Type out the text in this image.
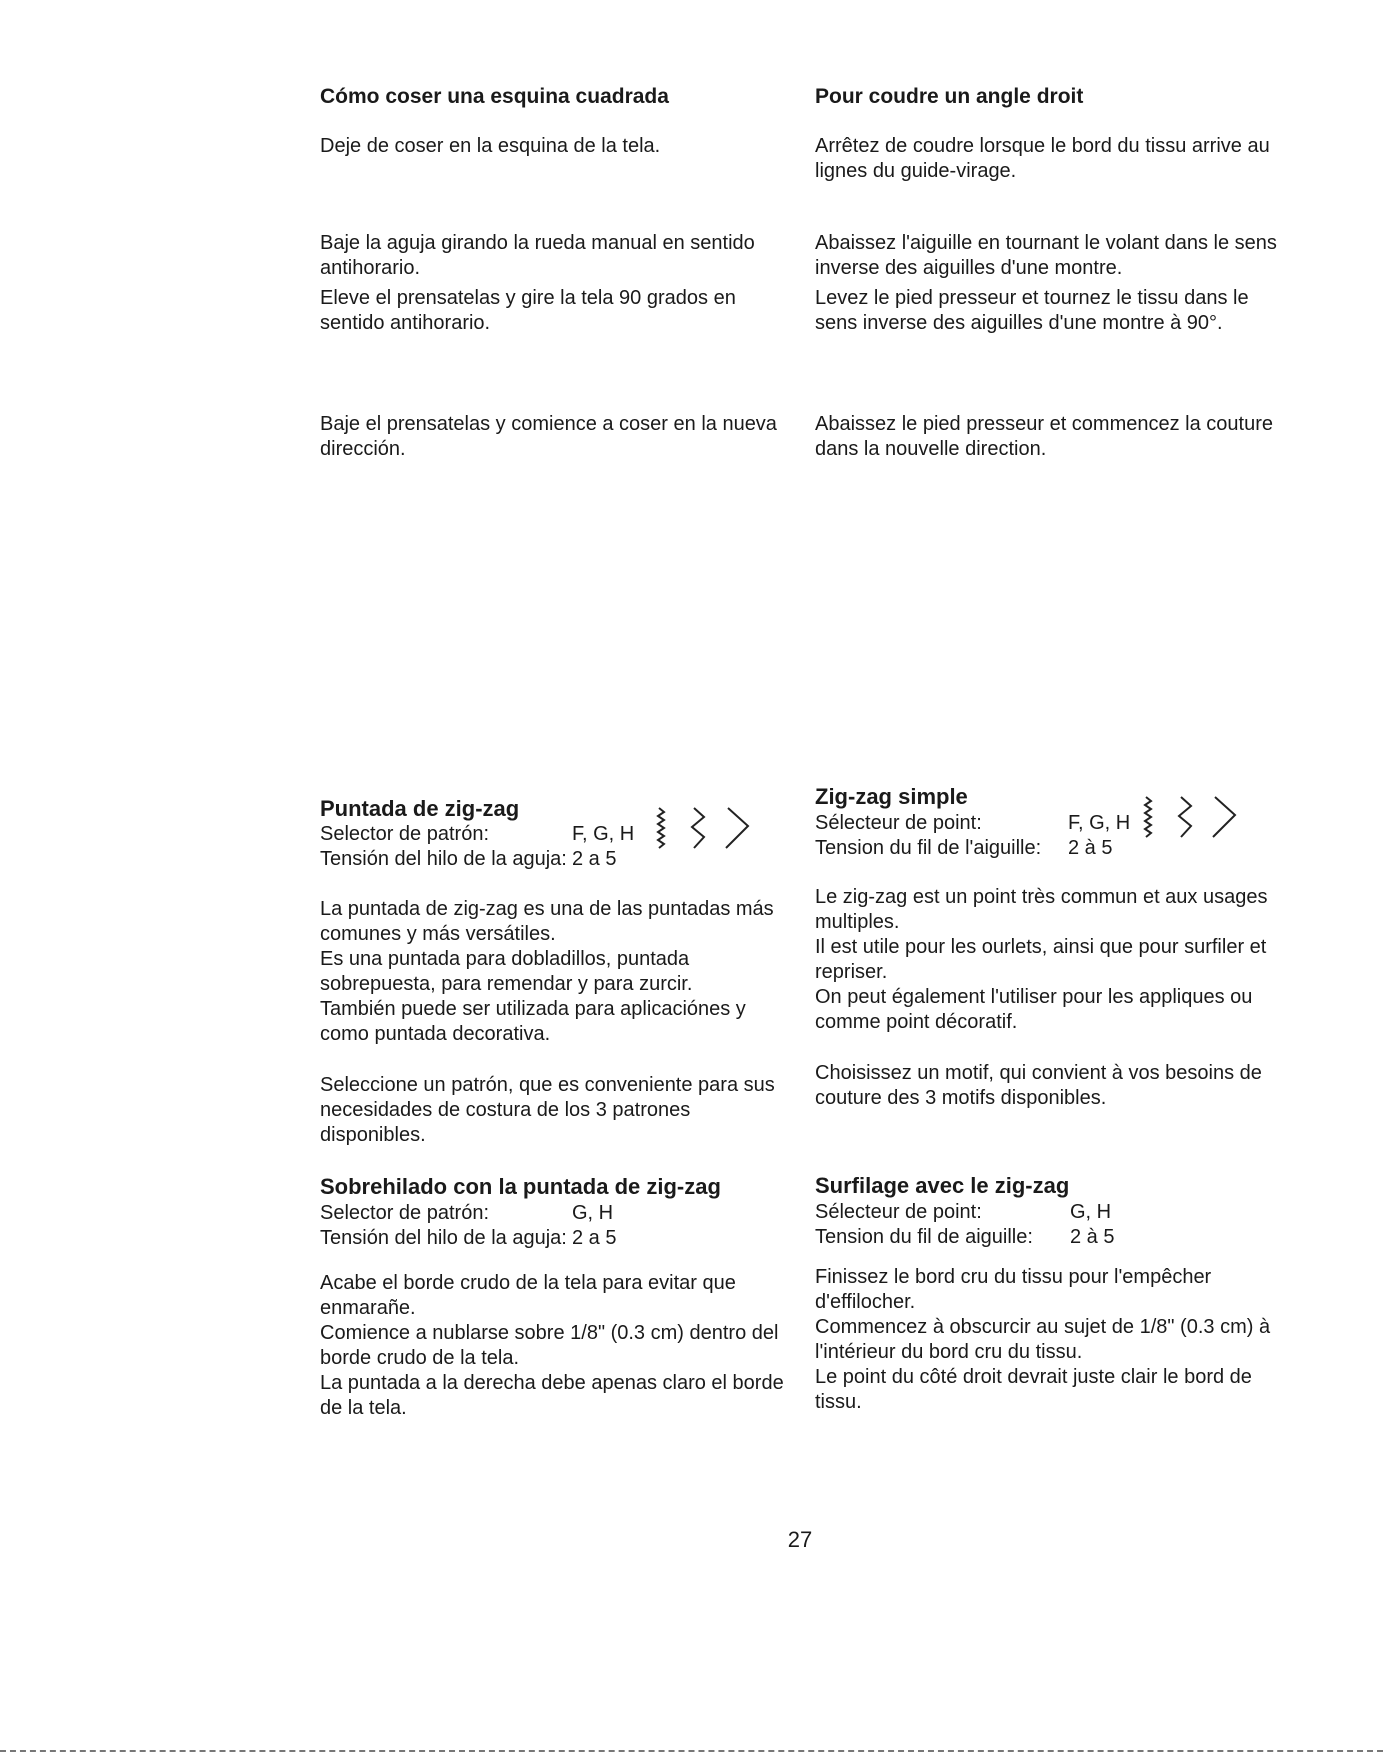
Cómo coser una esquina cuadrada	Pour coudre un angle droit

Deje de coser en la esquina de la tela.	Arrêtez de coudre lorsque le bord du tissu arrive au lignes du guide-virage.

Baje la aguja girando la rueda manual en sentido antihorario.

Eleve el prensatelas y gire la tela 90 grados en sentido antihorario.

Abaissez l'aiguille en tournant le volant dans le sens inverse des aiguilles d'une montre.

Levez le pied presseur et tournez le tissu dans le sens inverse des aiguilles d'une montre à 90°.

Baje el prensatelas y comience a coser en la nueva dirección.

Abaissez le pied presseur et commencez la couture dans la nouvelle direction.

Puntada de zig-zag
Selector de patrón:	F, G, H
Tensión del hilo de la aguja: 2 a 5
Zig-zag simple
Sélecteur de point:	F, G, H
Tension du fil de l'aiguille: 2 à 5

La puntada de zig-zag es una de las puntadas más comunes y más versátiles.

Es una puntada para dobladillos, puntada sobrepuesta, para remendar y para zurcir.

También puede ser utilizada para aplicaciónes y como puntada decorativa.

Seleccione un patrón, que es conveniente para sus necesidades de costura de los 3 patrones disponibles.

Le zig-zag est un point très commun et aux usages multiples.

Il est utile pour les ourlets, ainsi que pour surfiler et repriser.

On peut également l'utiliser pour les appliques ou comme point décoratif.

Choisissez un motif, qui convient à vos besoins de couture des 3 motifs disponibles.

Sobrehilado con la puntada de zig-zag
Selector de patrón:	G, H
Tensión del hilo de la aguja: 2 a 5
Surfilage avec le zig-zag
Sélecteur de point:	G, H
Tension du fil de aiguille: 2 à 5

Acabe el borde crudo de la tela para evitar que enmarañe.

Comience a nublarse sobre 1/8" (0.3 cm) dentro del borde crudo de la tela.

La puntada a la derecha debe apenas claro el borde de la tela.

Finissez le bord cru du tissu pour l'empêcher d'effilocher.

Commencez à obscurcir au sujet de 1/8" (0.3 cm) à l'intérieur du bord cru du tissu.

Le point du côté droit devrait juste clair le bord de tissu.

27
